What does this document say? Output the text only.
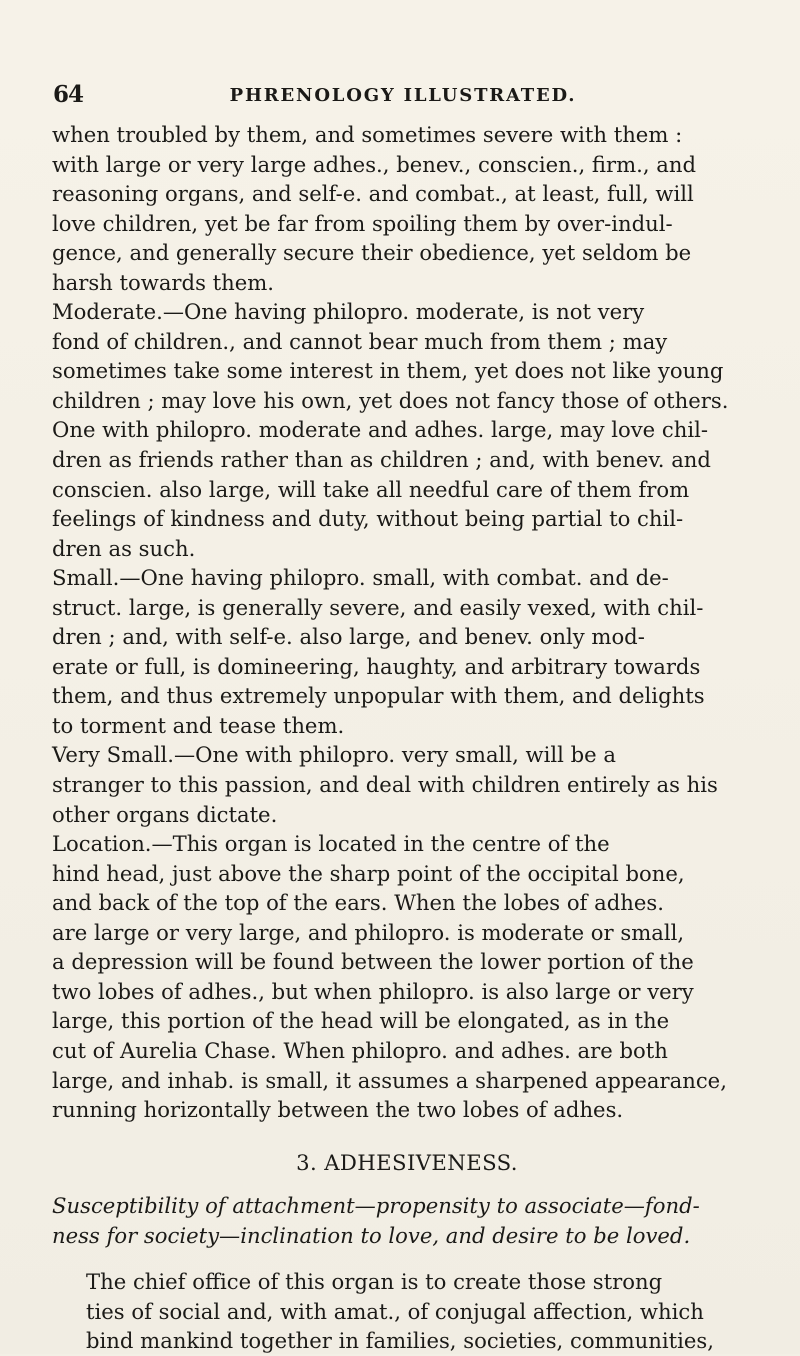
64	PHRENOLOGY ILLUSTRATED.

when troubled by them, and sometimes severe with them :
with large or very large adhes., benev., conscien., firm., and
reasoning organs, and self-e. and combat., at least, full, will
love children, yet be far from spoiling them by over-indul-
gence, and generally secure their obedience, yet seldom be
harsh towards them.

Moderate.—One having philopro. moderate, is not very
fond of children., and cannot bear much from them ; may
sometimes take some interest in them, yet does not like young
children ; may love his own, yet does not fancy those of others.
One with philopro. moderate and adhes. large, may love chil-
dren as friends rather than as children ; and, with benev. and
conscien. also large, will take all needful care of them from
feelings of kindness and duty, without being partial to chil-
dren as such.

Small.—One having philopro. small, with combat. and de-
struct. large, is generally severe, and easily vexed, with chil-
dren ; and, with self-e. also large, and benev. only mod-
erate or full, is domineering, haughty, and arbitrary towards
them, and thus extremely unpopular with them, and delights
to torment and tease them.

Very Small.—One with philopro. very small, will be a
stranger to this passion, and deal with children entirely as his
other organs dictate.

Location.—This organ is located in the centre of the
hind head, just above the sharp point of the occipital bone,
and back of the top of the ears. When the lobes of adhes.
are large or very large, and philopro. is moderate or small,
a depression will be found between the lower portion of the
two lobes of adhes., but when philopro. is also large or very
large, this portion of the head will be elongated, as in the
cut of Aurelia Chase. When philopro. and adhes. are both
large, and inhab. is small, it assumes a sharpened appearance,
running horizontally between the two lobes of adhes.

3. ADHESIVENESS.

Susceptibility of attachment—propensity to associate—fond-
ness for society—inclination to love, and desire to be loved.

The chief office of this organ is to create those strong
ties of social and, with amat., of conjugal affection, which
bind mankind together in families, societies, communities,
